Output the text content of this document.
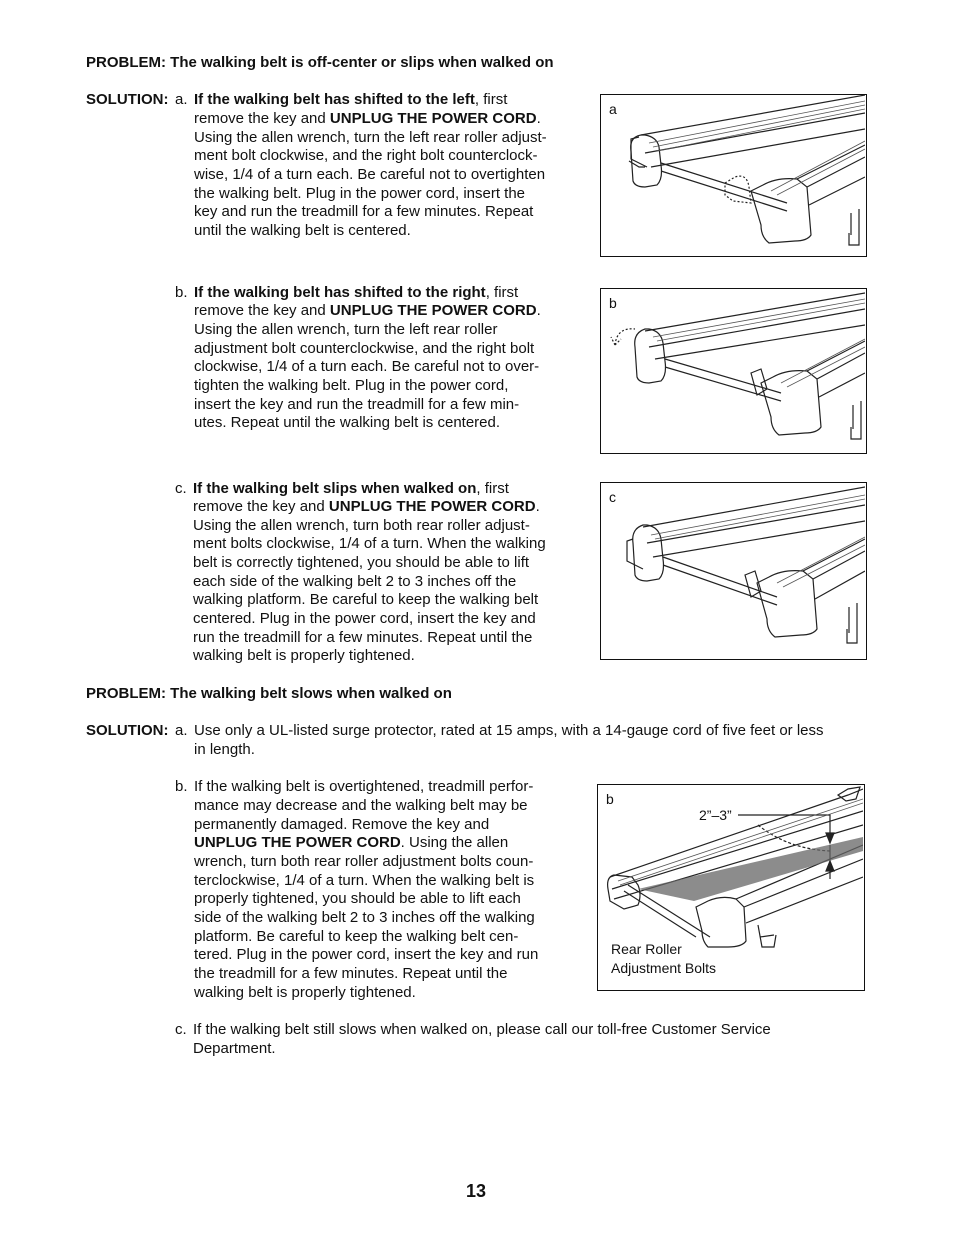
PROBLEM: The walking belt is off-center or slips when walked on
SOLUTION: a. If the walking belt has shifted to the left, first
remove the key and UNPLUG THE POWER CORD.
Using the allen wrench, turn the left rear roller adjust-
ment bolt clockwise, and the right bolt counterclock-
wise, 1/4 of a turn each. Be careful not to overtighten
the walking belt. Plug in the power cord, insert the
key and run the treadmill for a few minutes. Repeat
until the walking belt is centered.
b. If the walking belt has shifted to the right, first
remove the key and UNPLUG THE POWER CORD.
Using the allen wrench, turn the left rear roller
adjustment bolt counterclockwise, and the right bolt
clockwise, 1/4 of a turn each. Be careful not to over-
tighten the walking belt. Plug in the power cord,
insert the key and run the treadmill for a few min-
utes. Repeat until the walking belt is centered.
c. If the walking belt slips when walked on, first
remove the key and UNPLUG THE POWER CORD.
Using the allen wrench, turn both rear roller adjust-
ment bolts clockwise, 1/4 of a turn. When the walking
belt is correctly tightened, you should be able to lift
each side of the walking belt 2 to 3 inches off the
walking platform. Be careful to keep the walking belt
centered. Plug in the power cord, insert the key and
run the treadmill for a few minutes. Repeat until the
walking belt is properly tightened.
a
b
c
PROBLEM: The walking belt slows when walked on
SOLUTION: a. Use only a UL-listed surge protector, rated at 15 amps, with a 14-gauge cord of five feet or less
in length.
b. If the walking belt is overtightened, treadmill perfor-
mance may decrease and the walking belt may be
permanently damaged. Remove the key and
UNPLUG THE POWER CORD. Using the allen
wrench, turn both rear roller adjustment bolts coun-
terclockwise, 1/4 of a turn. When the walking belt is
properly tightened, you should be able to lift each
side of the walking belt 2 to 3 inches off the walking
platform. Be careful to keep the walking belt cen-
tered. Plug in the power cord, insert the key and run
the treadmill for a few minutes. Repeat until the
walking belt is properly tightened.
b
2”–3”
Rear Roller
Adjustment Bolts
c. If the walking belt still slows when walked on, please call our toll-free Customer Service
Department.
13
